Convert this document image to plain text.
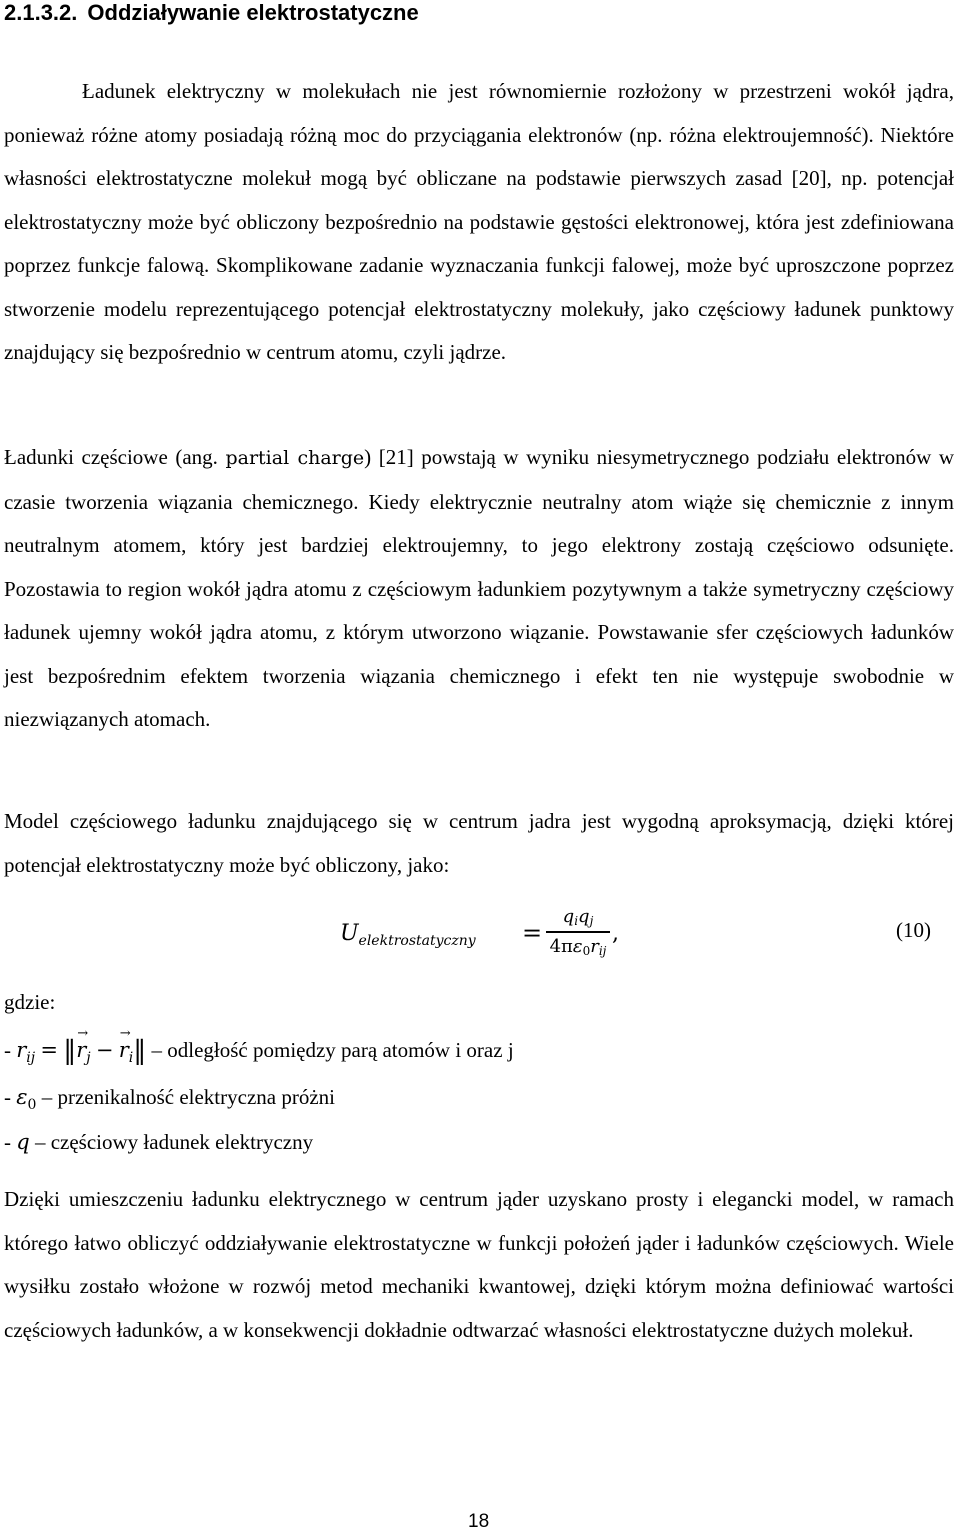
2.1.3.2. Oddziaływanie elektrostatyczne

Ładunek elektryczny w molekułach nie jest równomiernie rozłożony w przestrzeni wokół jądra, ponieważ różne atomy posiadają różną moc do przyciągania elektronów (np. różna elektroujemność). Niektóre własności elektrostatyczne molekuł mogą być obliczane na podstawie pierwszych zasad [20], np. potencjał elektrostatyczny może być obliczony bezpośrednio na podstawie gęstości elektronowej, która jest zdefiniowana poprzez funkcje falową. Skomplikowane zadanie wyznaczania funkcji falowej, może być uproszczone poprzez stworzenie modelu reprezentującego potencjał elektrostatyczny molekuły, jako częściowy ładunek punktowy znajdujący się bezpośrednio w centrum atomu, czyli jądrze.

Ładunki częściowe (ang. partial charge) [21] powstają w wyniku niesymetrycznego podziału elektronów w czasie tworzenia wiązania chemicznego. Kiedy elektrycznie neutralny atom wiąże się chemicznie z innym neutralnym atomem, który jest bardziej elektroujemny, to jego elektrony zostają częściowo odsunięte. Pozostawia to region wokół jądra atomu z częściowym ładunkiem pozytywnym a także symetryczny częściowy ładunek ujemny wokół jądra atomu, z którym utworzono wiązanie. Powstawanie sfer częściowych ładunków jest bezpośrednim efektem tworzenia wiązania chemicznego i efekt ten nie występuje swobodnie w niezwiązanych atomach.

Model częściowego ładunku znajdującego się w centrum jadra jest wygodną aproksymacją, dzięki której potencjał elektrostatyczny może być obliczony, jako:

$U_{elektrostatyczny}$ =
$q_iq_j$
$4\pi\varepsilon_0r_{ij}$
,	(10)
gdzie:
- $r_{ij}$ = ‖→ $r_j$ − → $r_i‖$ – odległość pomiędzy parą atomów i oraz j
- $\varepsilon_0$ – przenikalność elektryczna próżni
- q – częściowy ładunek elektryczny

Dzięki umieszczeniu ładunku elektrycznego w centrum jąder uzyskano prosty i elegancki model, w ramach którego łatwo obliczyć oddziaływanie elektrostatyczne w funkcji położeń jąder i ładunków częściowych. Wiele wysiłku zostało włożone w rozwój metod mechaniki kwantowej, dzięki którym można definiować wartości częściowych ładunków, a w konsekwencji dokładnie odtwarzać własności elektrostatyczne dużych molekuł.

18
